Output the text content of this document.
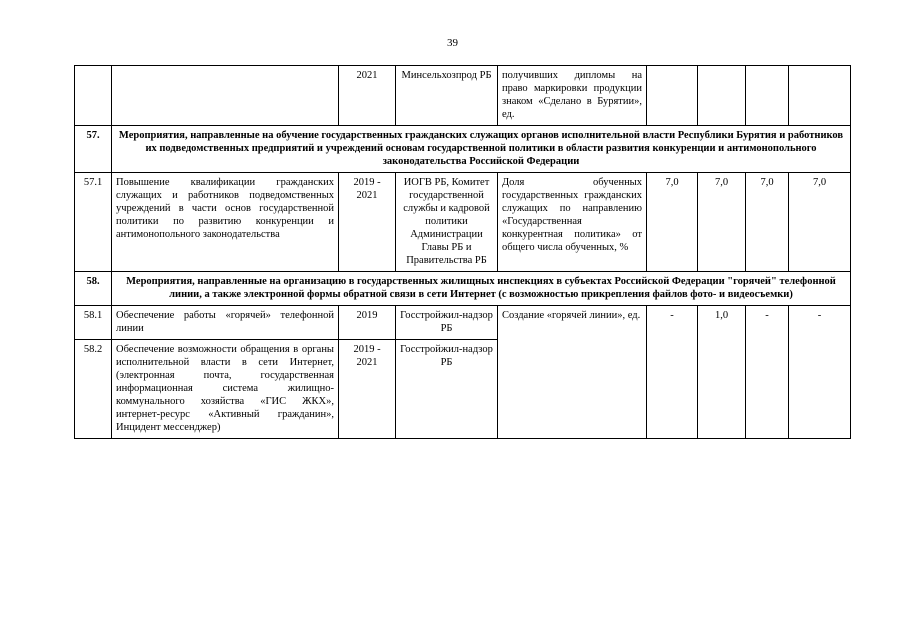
39
		2021	Минсельхозпрод РБ	получивших дипломы на право маркировки продукции знаком «Сделано в Бурятии», ед.				
57.	Мероприятия, направленные на обучение государственных гражданских служащих органов исполнительной власти Республики Бурятия и работников их подведомственных предприятий и учреждений основам государственной политики в области развития конкуренции и антимонопольного законодательства Российской Федерации							
57.1	Повышение квалификации гражданских служащих и работников подведомственных учреждений в части основ государственной политики по развитию конкуренции и антимонопольного законодательства	2019 - 2021	ИОГВ РБ, Комитет государственной службы и кадровой политики Администрации Главы РБ и Правительства РБ	Доля обученных государственных гражданских служащих по направлению «Государственная конкурентная политика» от общего числа обученных, %	7,0	7,0	7,0	7,0
58.	Мероприятия, направленные на организацию в государственных жилищных инспекциях в субъектах Российской Федерации "горячей" телефонной линии, а также электронной формы обратной связи в сети Интернет (с возможностью прикрепления файлов фото- и видеосъемки)							
58.1	Обеспечение работы «горячей» телефонной линии	2019	Госстройжил-надзор РБ	Создание «горячей линии», ед.	-	1,0	-	-
58.2	Обеспечение возможности обращения в органы исполнительной власти в сети Интернет, (электронная почта, государственная информационная система жилищно-коммунального хозяйства «ГИС ЖКХ», интернет-ресурс «Активный гражданин», Инцидент мессенджер)	2019 - 2021	Госстройжил-надзор РБ					
